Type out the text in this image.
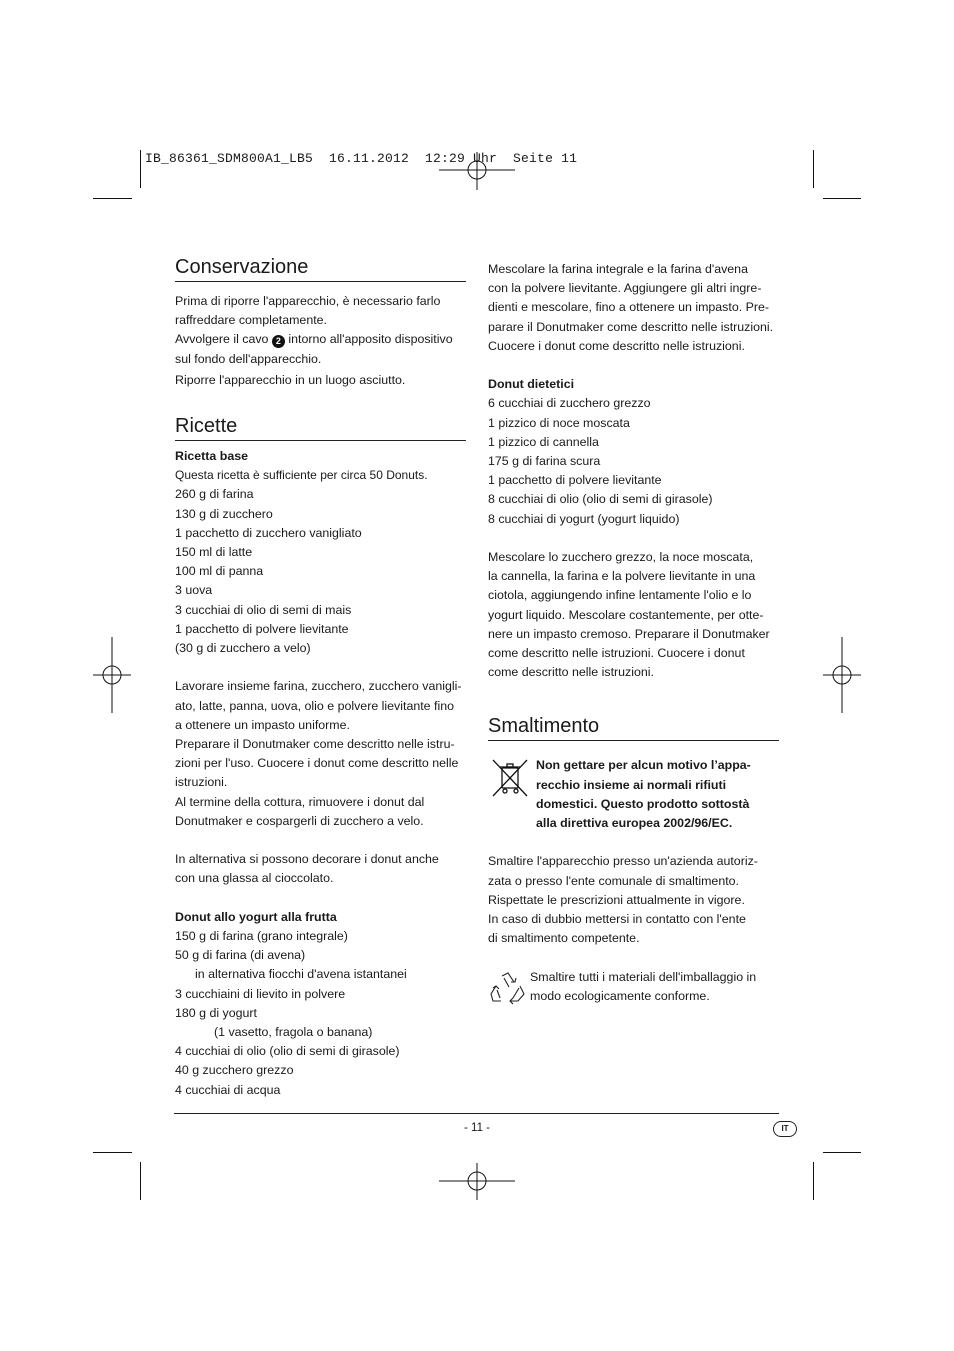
IB_86361_SDM800A1_LB5  16.11.2012  12:29 Uhr  Seite 11
Conservazione

Prima di riporre l'apparecchio, è necessario farlo

raffreddare completamente.

Avvolgere il cavo 2 intorno all'apposito dispositivo

sul fondo dell'apparecchio.

Riporre l'apparecchio in un luogo asciutto.

Ricette

Ricetta base

Questa ricetta è sufficiente per circa 50 Donuts.

260 g di farina

130 g di zucchero

1 pacchetto di zucchero vanigliato

150 ml di latte

100 ml di panna

3 uova

3 cucchiai di olio di semi di mais

1 pacchetto di polvere lievitante

(30 g di zucchero a velo)

Lavorare insieme farina, zucchero, zucchero vanigli-

ato, latte, panna, uova, olio e polvere lievitante fino

a ottenere un impasto uniforme.

Preparare il Donutmaker come descritto nelle istru-

zioni per l'uso. Cuocere i donut come descritto nelle

istruzioni.

Al termine della cottura, rimuovere i donut dal

Donutmaker e cospargerli di zucchero a velo.

In alternativa si possono decorare i donut anche

con una glassa al cioccolato.

Donut allo yogurt alla frutta

150 g di farina (grano integrale)

50 g di farina (di avena)

in alternativa fiocchi d'avena istantanei

3 cucchiaini di lievito in polvere

180 g di yogurt

(1 vasetto, fragola o banana)

4 cucchiai di olio (olio di semi di girasole)

40 g zucchero grezzo

4 cucchiai di acqua

Mescolare la farina integrale e la farina d'avena

con la polvere lievitante. Aggiungere gli altri ingre-

dienti e mescolare, fino a ottenere un impasto. Pre-

parare il Donutmaker come descritto nelle istruzioni.

Cuocere i donut come descritto nelle istruzioni.

Donut dietetici

6 cucchiai di zucchero grezzo

1 pizzico di noce moscata

1 pizzico di cannella

175 g di farina scura

1 pacchetto di polvere lievitante

8 cucchiai di olio (olio di semi di girasole)

8 cucchiai di yogurt (yogurt liquido)

Mescolare lo zucchero grezzo, la noce moscata,

la cannella, la farina e la polvere lievitante in una

ciotola, aggiungendo infine lentamente l'olio e lo

yogurt liquido. Mescolare costantemente, per otte-

nere un impasto cremoso. Preparare il Donutmaker

come descritto nelle istruzioni. Cuocere i donut

come descritto nelle istruzioni.

Smaltimento

Non gettare per alcun motivo l’appa-

recchio insieme ai normali rifiuti

domestici. Questo prodotto sottostà

alla direttiva europea 2002/96/EC.

Smaltire l'apparecchio presso un'azienda autoriz-

zata o presso l'ente comunale di smaltimento.

Rispettate le prescrizioni attualmente in vigore.

In caso di dubbio mettersi in contatto con l'ente

di smaltimento competente.

Smaltire tutti i materiali dell'imballaggio in

modo ecologicamente conforme.

- 11 -	IT
